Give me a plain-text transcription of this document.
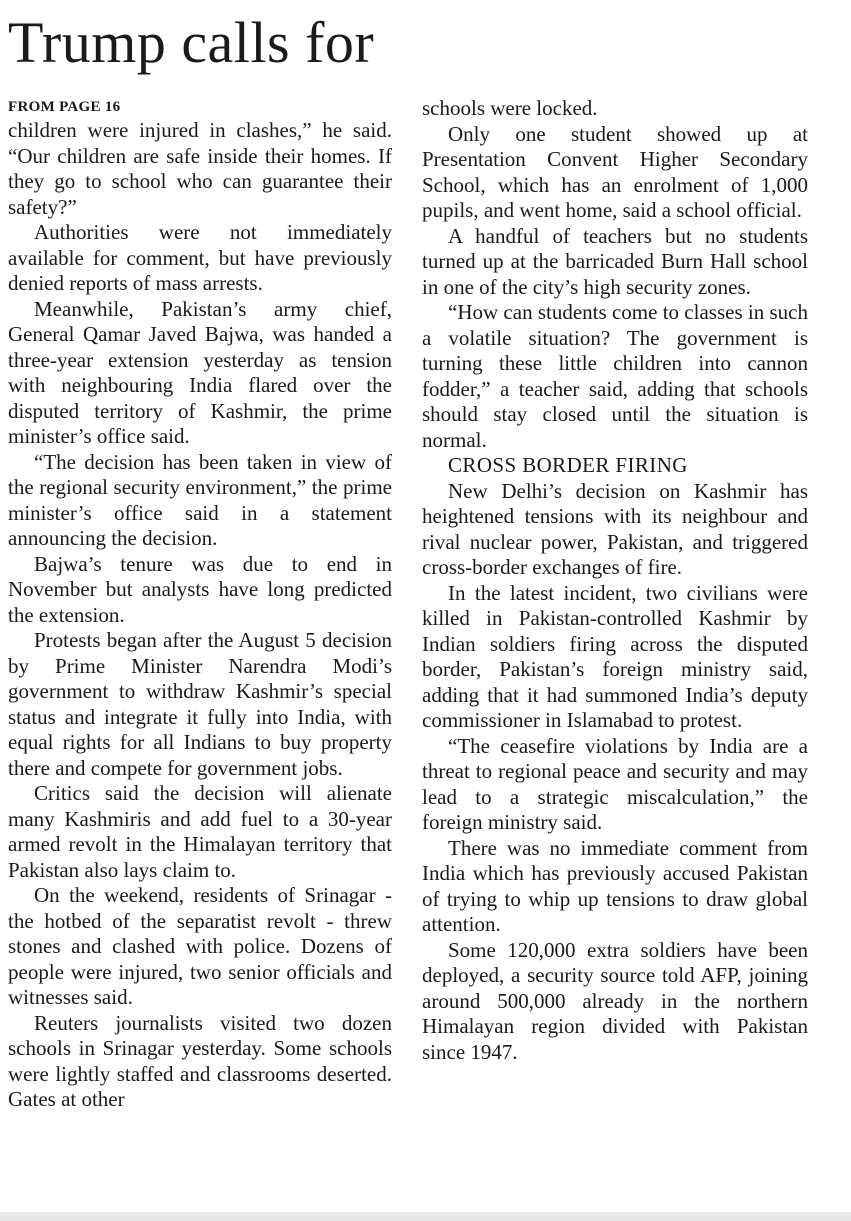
Trump calls for

FROM PAGE 16

children were injured in clashes,” he said. “Our children are safe inside their homes. If they go to school who can guarantee their safety?”

Authorities were not immediately available for comment, but have previously denied reports of mass arrests.

Meanwhile, Pakistan’s army chief, General Qamar Javed Bajwa, was handed a three-year extension yesterday as tension with neighbouring India flared over the disputed territory of Kashmir, the prime minister’s office said.

“The decision has been taken in view of the regional security environment,” the prime minister’s office said in a statement announcing the decision.

Bajwa’s tenure was due to end in November but analysts have long predicted the extension.

Protests began after the August 5 decision by Prime Minister Narendra Modi’s government to withdraw Kashmir’s special status and integrate it fully into India, with equal rights for all Indians to buy property there and compete for government jobs.

Critics said the decision will alienate many Kashmiris and add fuel to a 30-year armed revolt in the Himalayan territory that Pakistan also lays claim to.

On the weekend, residents of Srinagar - the hotbed of the separatist revolt - threw stones and clashed with police. Dozens of people were injured, two senior officials and witnesses said.

Reuters journalists visited two dozen schools in Srinagar yesterday. Some schools were lightly staffed and classrooms deserted. Gates at other

schools were locked.

Only one student showed up at Presentation Convent Higher Secondary School, which has an enrolment of 1,000 pupils, and went home, said a school official.

A handful of teachers but no students turned up at the barricaded Burn Hall school in one of the city’s high security zones.

“How can students come to classes in such a volatile situation? The government is turning these little children into cannon fodder,” a teacher said, adding that schools should stay closed until the situation is normal.

CROSS BORDER FIRING

New Delhi’s decision on Kashmir has heightened tensions with its neighbour and rival nuclear power, Pakistan, and triggered cross-border exchanges of fire.

In the latest incident, two civilians were killed in Pakistan-controlled Kashmir by Indian soldiers firing across the disputed border, Pakistan’s foreign ministry said, adding that it had summoned India’s deputy commissioner in Islamabad to protest.

“The ceasefire violations by India are a threat to regional peace and security and may lead to a strategic miscalculation,” the foreign ministry said.

There was no immediate comment from India which has previously accused Pakistan of trying to whip up tensions to draw global attention.

Some 120,000 extra soldiers have been deployed, a security source told AFP, joining around 500,000 already in the northern Himalayan region divided with Pakistan since 1947.
